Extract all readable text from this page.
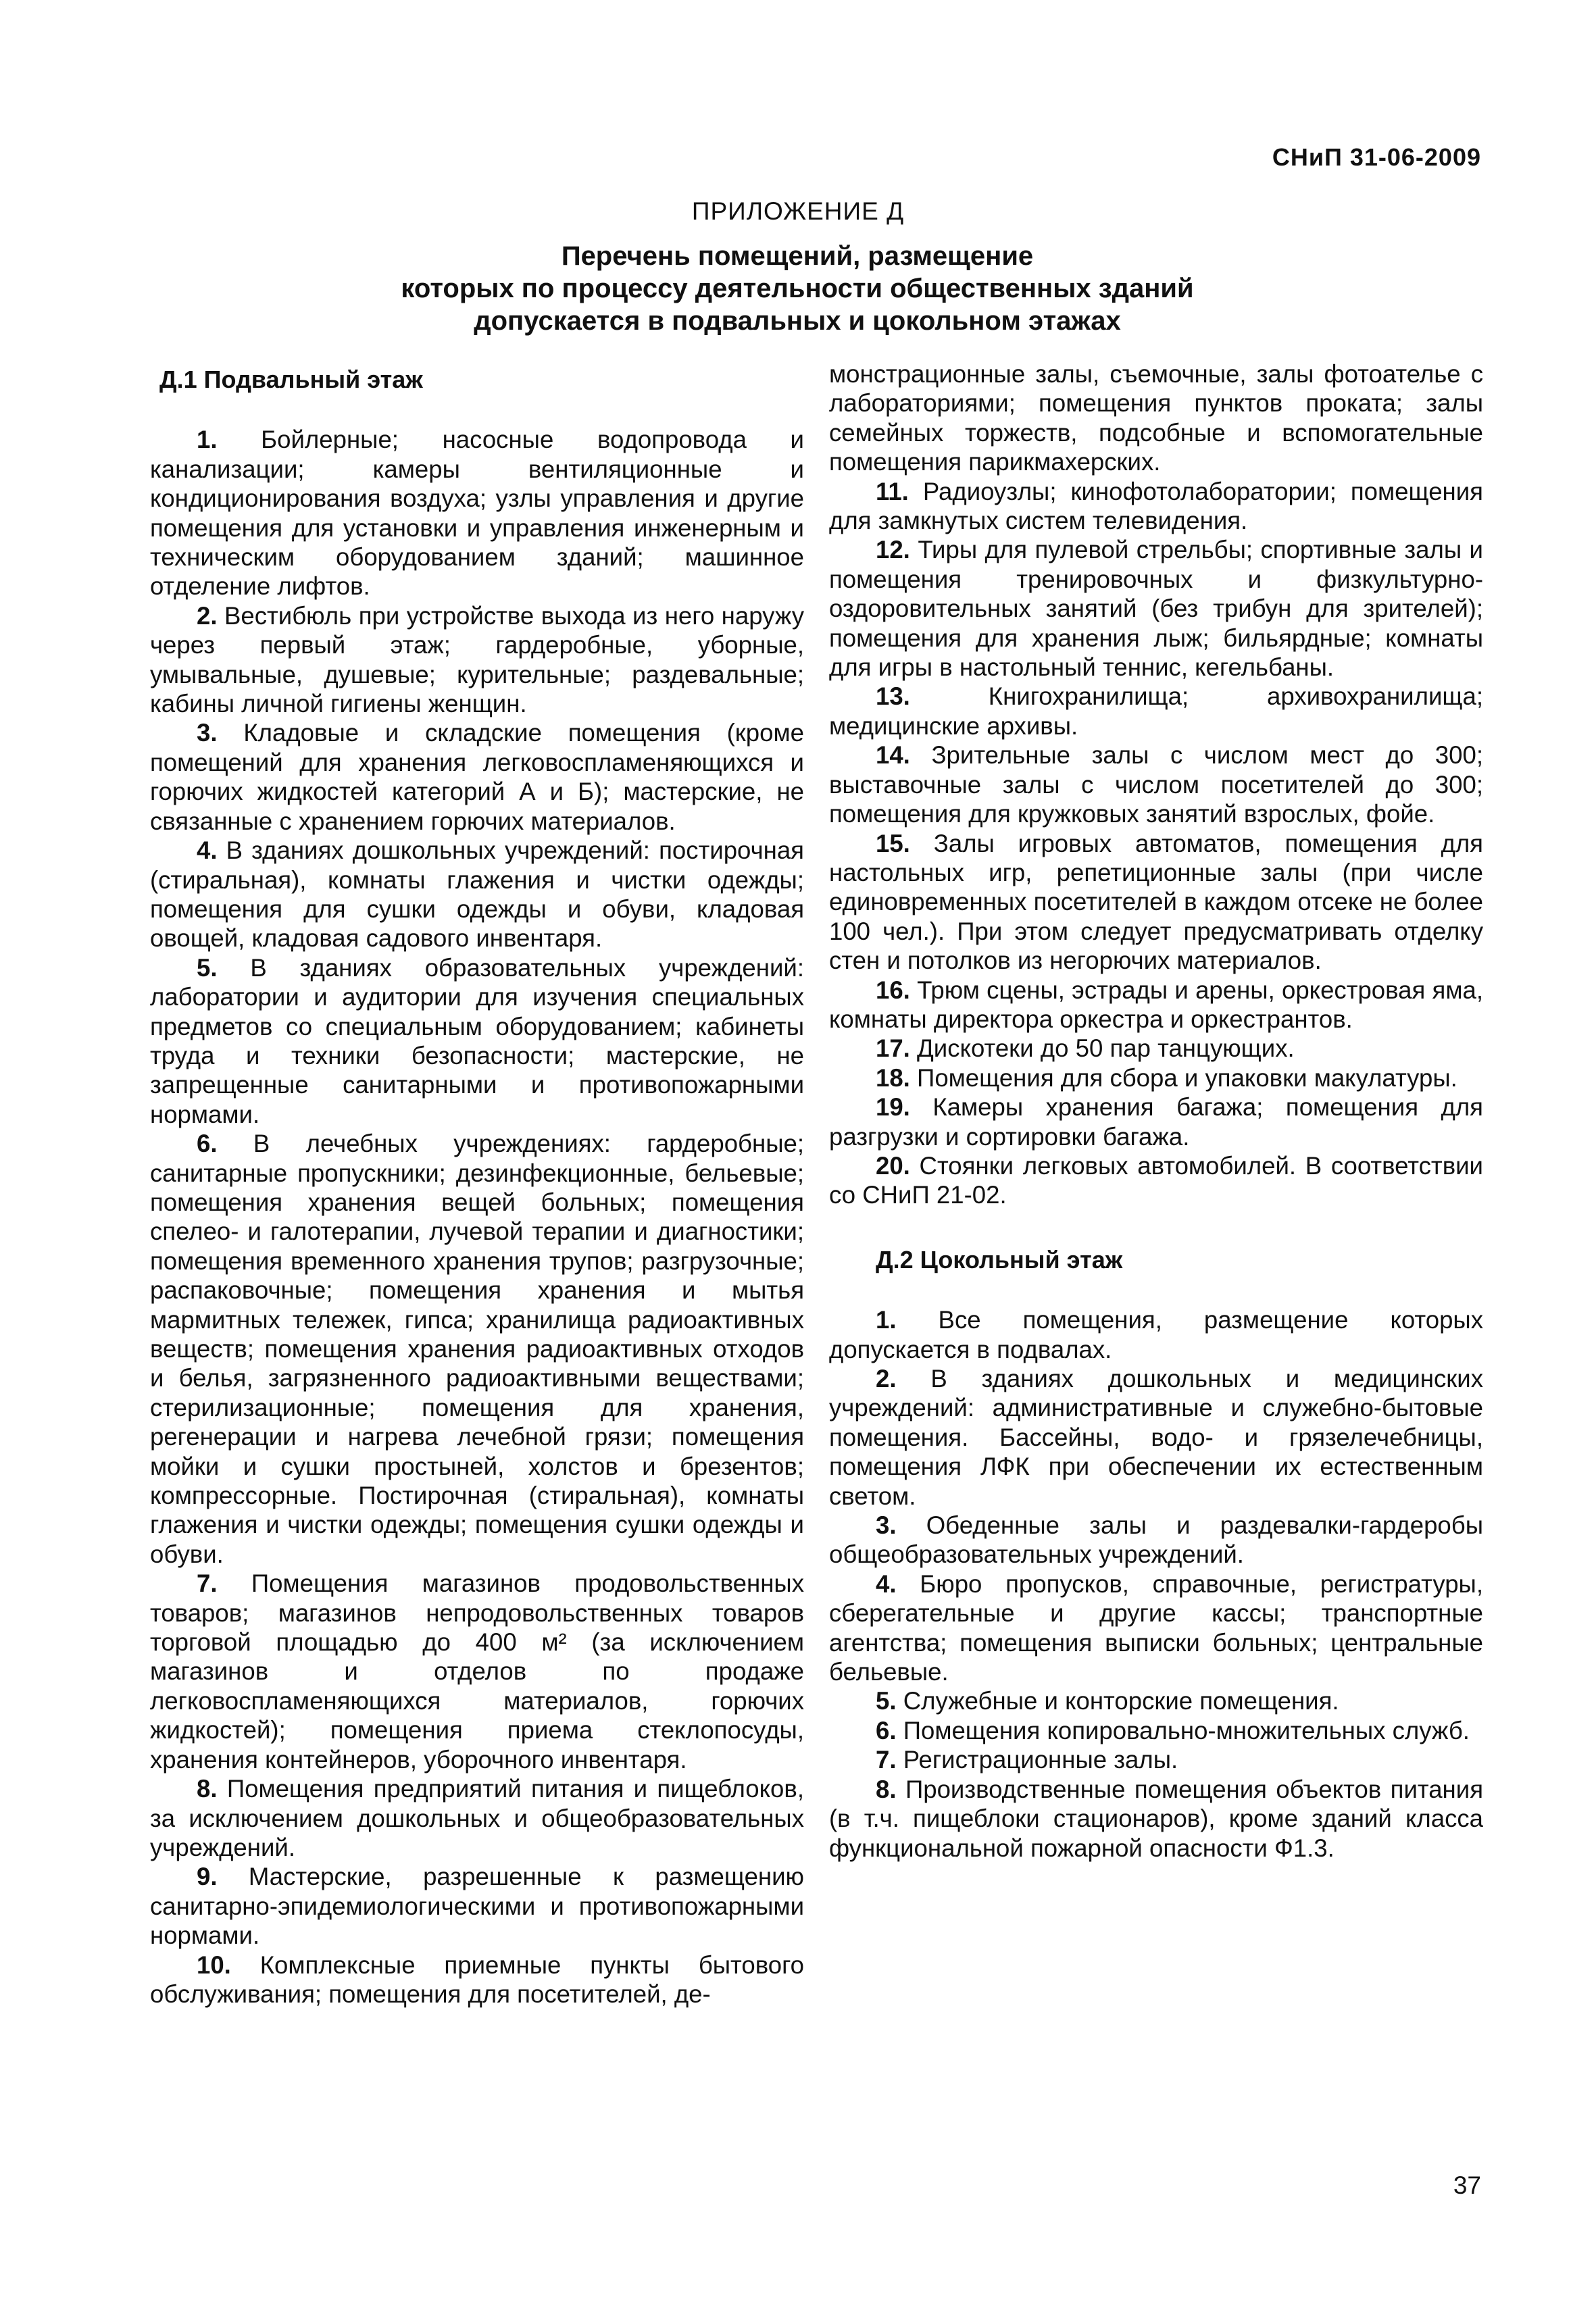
СНиП 31-06-2009
ПРИЛОЖЕНИЕ Д
Перечень помещений, размещение
которых по процессу деятельности общественных зданий
допускается в подвальных и цокольном этажах
Д.1 Подвальный этаж

1. Бойлерные; насосные водопровода и канализации; камеры вентиляционные и кондиционирования воздуха; узлы управления и другие помещения для установки и управления инженерным и техническим оборудованием зданий; машинное отделение лифтов.

2. Вестибюль при устройстве выхода из него наружу через первый этаж; гардеробные, уборные, умывальные, душевые; курительные; раздевальные; кабины личной гигиены женщин.

3. Кладовые и складские помещения (кроме помещений для хранения легковоспламеняющихся и горючих жидкостей категорий А и Б); мастерские, не связанные с хранением горючих материалов.

4. В зданиях дошкольных учреждений: постирочная (стиральная), комнаты глажения и чистки одежды; помещения для сушки одежды и обуви, кладовая овощей, кладовая садового инвентаря.

5. В зданиях образовательных учреждений: лаборатории и аудитории для изучения специальных предметов со специальным оборудованием; кабинеты труда и техники безопасности; мастерские, не запрещенные санитарными и противопожарными нормами.

6. В лечебных учреждениях: гардеробные; санитарные пропускники; дезинфекционные, бельевые; помещения хранения вещей больных; помещения спелео- и галотерапии, лучевой терапии и диагностики; помещения временного хранения трупов; разгрузочные; распаковочные; помещения хранения и мытья мармитных тележек, гипса; хранилища радиоактивных веществ; помещения хранения радиоактивных отходов и белья, загрязненного радиоактивными веществами; стерилизационные; помещения для хранения, регенерации и нагрева лечебной грязи; помещения мойки и сушки простыней, холстов и брезентов; компрессорные. Постирочная (стиральная), комнаты глажения и чистки одежды; помещения сушки одежды и обуви.

7. Помещения магазинов продовольственных товаров; магазинов непродовольственных товаров торговой площадью до 400 м² (за исключением магазинов и отделов по продаже легковоспламеняющихся материалов, горючих жидкостей); помещения приема стеклопосуды, хранения контейнеров, уборочного инвентаря.

8. Помещения предприятий питания и пищеблоков, за исключением дошкольных и общеобразовательных учреждений.

9. Мастерские, разрешенные к размещению санитарно-эпидемиологическими и противопожарными нормами.

10. Комплексные приемные пункты бытового обслуживания; помещения для посетителей, де-

монстрационные залы, съемочные, залы фотоателье с лабораториями; помещения пунктов проката; залы семейных торжеств, подсобные и вспомогательные помещения парикмахерских.

11. Радиоузлы; кинофотолаборатории; помещения для замкнутых систем телевидения.

12. Тиры для пулевой стрельбы; спортивные залы и помещения тренировочных и физкультурно-оздоровительных занятий (без трибун для зрителей); помещения для хранения лыж; бильярдные; комнаты для игры в настольный теннис, кегельбаны.

13.	Книгохранилища; архивохранилища; медицинские архивы.

14. Зрительные залы с числом мест до 300; выставочные залы с числом посетителей до 300; помещения для кружковых занятий взрослых, фойе.

15. Залы игровых автоматов, помещения для настольных игр, репетиционные залы (при числе единовременных посетителей в каждом отсеке не более 100 чел.). При этом следует предусматривать отделку стен и потолков из негорючих материалов.

16. Трюм сцены, эстрады и арены, оркестровая яма, комнаты директора оркестра и оркестрантов.

17. Дискотеки до 50 пар танцующих.

18. Помещения для сбора и упаковки макулатуры.

19. Камеры хранения багажа; помещения для разгрузки и сортировки багажа.

20. Стоянки легковых автомобилей. В соответствии со СНиП 21-02.

Д.2 Цокольный этаж

1. Все помещения, размещение которых допускается в подвалах.

2. В зданиях дошкольных и медицинских учреждений: административные и служебно-бытовые помещения. Бассейны, водо- и грязелечебницы, помещения ЛФК при обеспечении их естественным светом.

3. Обеденные залы и раздевалки-гардеробы общеобразовательных учреждений.

4. Бюро пропусков, справочные, регистратуры, сберегательные и другие кассы; транспортные агентства; помещения выписки больных; центральные бельевые.

5. Служебные и конторские помещения.

6. Помещения копировально-множительных служб.

7. Регистрационные залы.

8. Производственные помещения объектов питания (в т.ч. пищеблоки стационаров), кроме зданий класса функциональной пожарной опасности Ф1.3.

37
